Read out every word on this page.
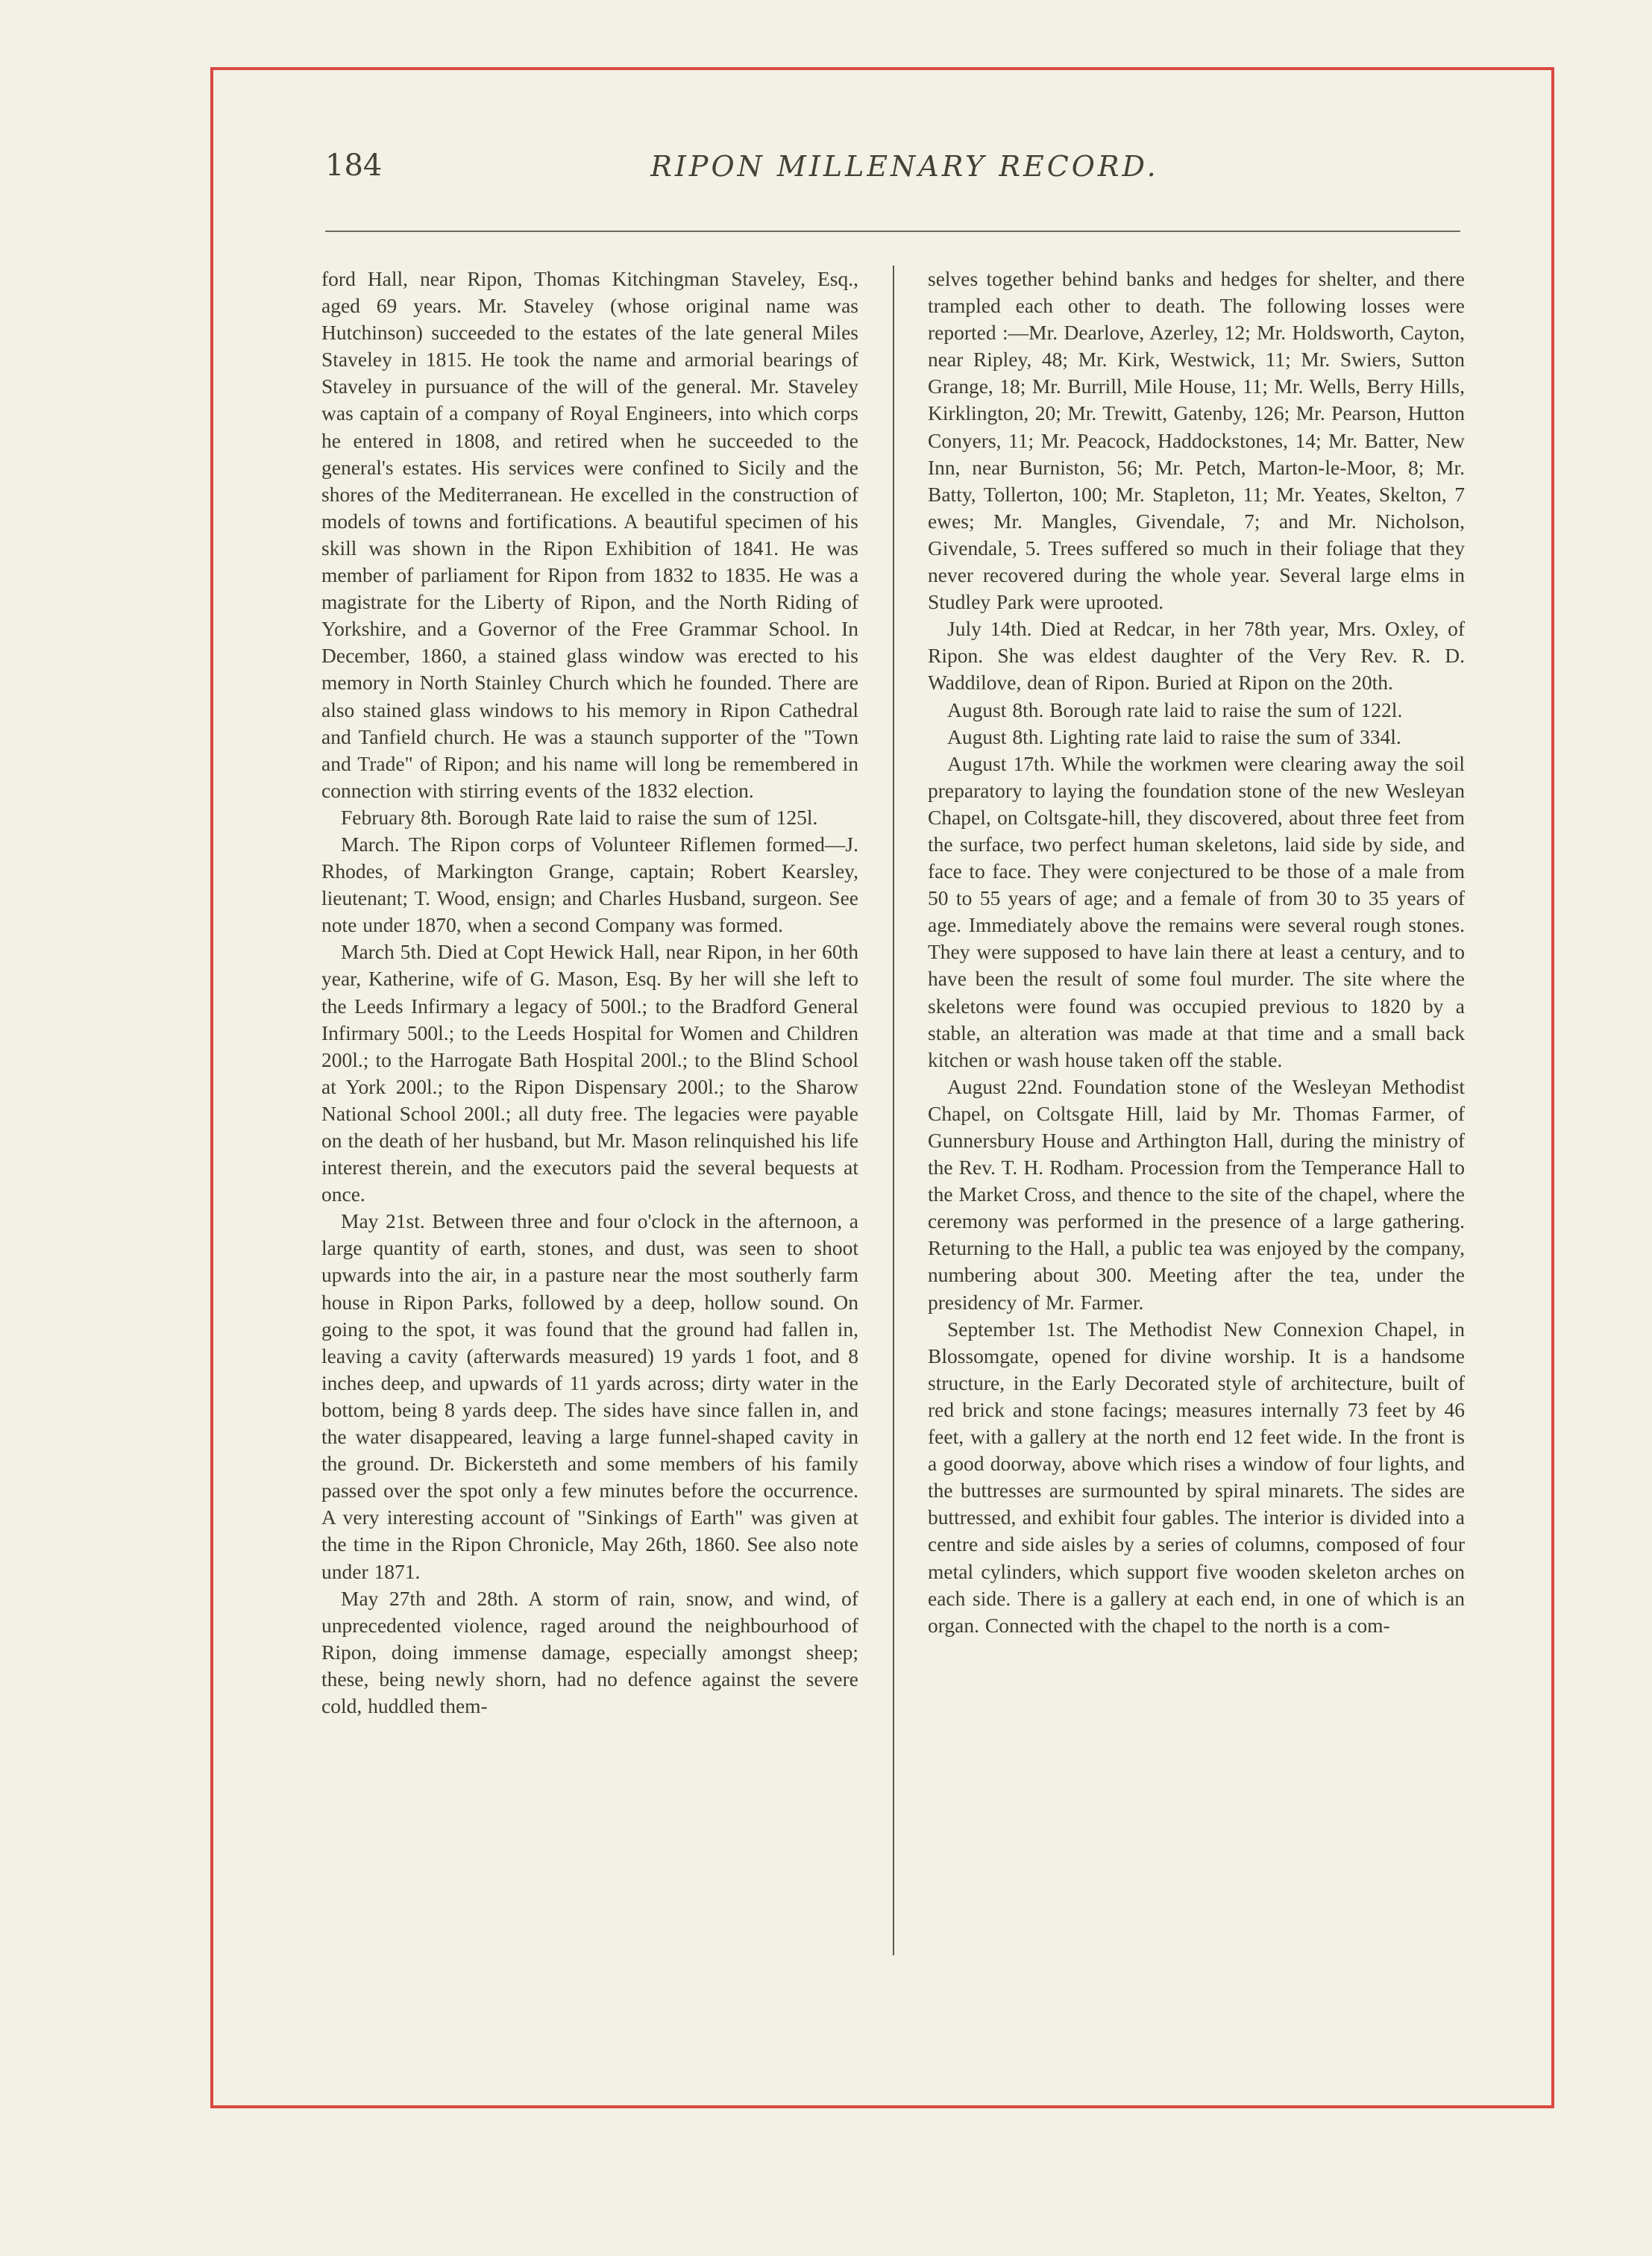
184	RIPON MILLENARY RECORD.

ford Hall, near Ripon, Thomas Kitchingman Staveley, Esq., aged 69 years. Mr. Staveley (whose original name was Hutchinson) succeeded to the estates of the late general Miles Staveley in 1815. He took the name and armorial bearings of Staveley in pursuance of the will of the general. Mr. Staveley was captain of a company of Royal Engineers, into which corps he entered in 1808, and retired when he succeeded to the general's estates. His services were confined to Sicily and the shores of the Mediterranean. He excelled in the construction of models of towns and fortifications. A beautiful specimen of his skill was shown in the Ripon Exhibition of 1841. He was member of parliament for Ripon from 1832 to 1835. He was a magistrate for the Liberty of Ripon, and the North Riding of Yorkshire, and a Governor of the Free Grammar School. In December, 1860, a stained glass window was erected to his memory in North Stainley Church which he founded. There are also stained glass windows to his memory in Ripon Cathedral and Tanfield church. He was a staunch supporter of the "Town and Trade" of Ripon; and his name will long be remembered in connection with stirring events of the 1832 election.

February 8th. Borough Rate laid to raise the sum of 125l.

March. The Ripon corps of Volunteer Riflemen formed—J. Rhodes, of Markington Grange, captain; Robert Kearsley, lieutenant; T. Wood, ensign; and Charles Husband, surgeon. See note under 1870, when a second Company was formed.

March 5th. Died at Copt Hewick Hall, near Ripon, in her 60th year, Katherine, wife of G. Mason, Esq. By her will she left to the Leeds Infirmary a legacy of 500l.; to the Bradford General Infirmary 500l.; to the Leeds Hospital for Women and Children 200l.; to the Harrogate Bath Hospital 200l.; to the Blind School at York 200l.; to the Ripon Dispensary 200l.; to the Sharow National School 200l.; all duty free. The legacies were payable on the death of her husband, but Mr. Mason relinquished his life interest therein, and the executors paid the several bequests at once.

May 21st. Between three and four o'clock in the afternoon, a large quantity of earth, stones, and dust, was seen to shoot upwards into the air, in a pasture near the most southerly farm house in Ripon Parks, followed by a deep, hollow sound. On going to the spot, it was found that the ground had fallen in, leaving a cavity (afterwards measured) 19 yards 1 foot, and 8 inches deep, and upwards of 11 yards across; dirty water in the bottom, being 8 yards deep. The sides have since fallen in, and the water disappeared, leaving a large funnel-shaped cavity in the ground. Dr. Bickersteth and some members of his family passed over the spot only a few minutes before the occurrence. A very interesting account of "Sinkings of Earth" was given at the time in the Ripon Chronicle, May 26th, 1860. See also note under 1871.

May 27th and 28th. A storm of rain, snow, and wind, of unprecedented violence, raged around the neighbourhood of Ripon, doing immense damage, especially amongst sheep; these, being newly shorn, had no defence against the severe cold, huddled them-

selves together behind banks and hedges for shelter, and there trampled each other to death. The following losses were reported :—Mr. Dearlove, Azerley, 12; Mr. Holdsworth, Cayton, near Ripley, 48; Mr. Kirk, Westwick, 11; Mr. Swiers, Sutton Grange, 18; Mr. Burrill, Mile House, 11; Mr. Wells, Berry Hills, Kirklington, 20; Mr. Trewitt, Gatenby, 126; Mr. Pearson, Hutton Conyers, 11; Mr. Peacock, Haddockstones, 14; Mr. Batter, New Inn, near Burniston, 56; Mr. Petch, Marton-le-Moor, 8; Mr. Batty, Tollerton, 100; Mr. Stapleton, 11; Mr. Yeates, Skelton, 7 ewes; Mr. Mangles, Givendale, 7; and Mr. Nicholson, Givendale, 5. Trees suffered so much in their foliage that they never recovered during the whole year. Several large elms in Studley Park were uprooted.

July 14th. Died at Redcar, in her 78th year, Mrs. Oxley, of Ripon. She was eldest daughter of the Very Rev. R. D. Waddilove, dean of Ripon. Buried at Ripon on the 20th.

August 8th. Borough rate laid to raise the sum of 122l.

August 8th. Lighting rate laid to raise the sum of 334l.

August 17th. While the workmen were clearing away the soil preparatory to laying the foundation stone of the new Wesleyan Chapel, on Coltsgate-hill, they discovered, about three feet from the surface, two perfect human skeletons, laid side by side, and face to face. They were conjectured to be those of a male from 50 to 55 years of age; and a female of from 30 to 35 years of age. Immediately above the remains were several rough stones. They were supposed to have lain there at least a century, and to have been the result of some foul murder. The site where the skeletons were found was occupied previous to 1820 by a stable, an alteration was made at that time and a small back kitchen or wash house taken off the stable.

August 22nd. Foundation stone of the Wesleyan Methodist Chapel, on Coltsgate Hill, laid by Mr. Thomas Farmer, of Gunnersbury House and Arthington Hall, during the ministry of the Rev. T. H. Rodham. Procession from the Temperance Hall to the Market Cross, and thence to the site of the chapel, where the ceremony was performed in the presence of a large gathering. Returning to the Hall, a public tea was enjoyed by the company, numbering about 300. Meeting after the tea, under the presidency of Mr. Farmer.

September 1st. The Methodist New Connexion Chapel, in Blossomgate, opened for divine worship. It is a handsome structure, in the Early Decorated style of architecture, built of red brick and stone facings; measures internally 73 feet by 46 feet, with a gallery at the north end 12 feet wide. In the front is a good doorway, above which rises a window of four lights, and the buttresses are surmounted by spiral minarets. The sides are buttressed, and exhibit four gables. The interior is divided into a centre and side aisles by a series of columns, composed of four metal cylinders, which support five wooden skeleton arches on each side. There is a gallery at each end, in one of which is an organ. Connected with the chapel to the north is a com-
